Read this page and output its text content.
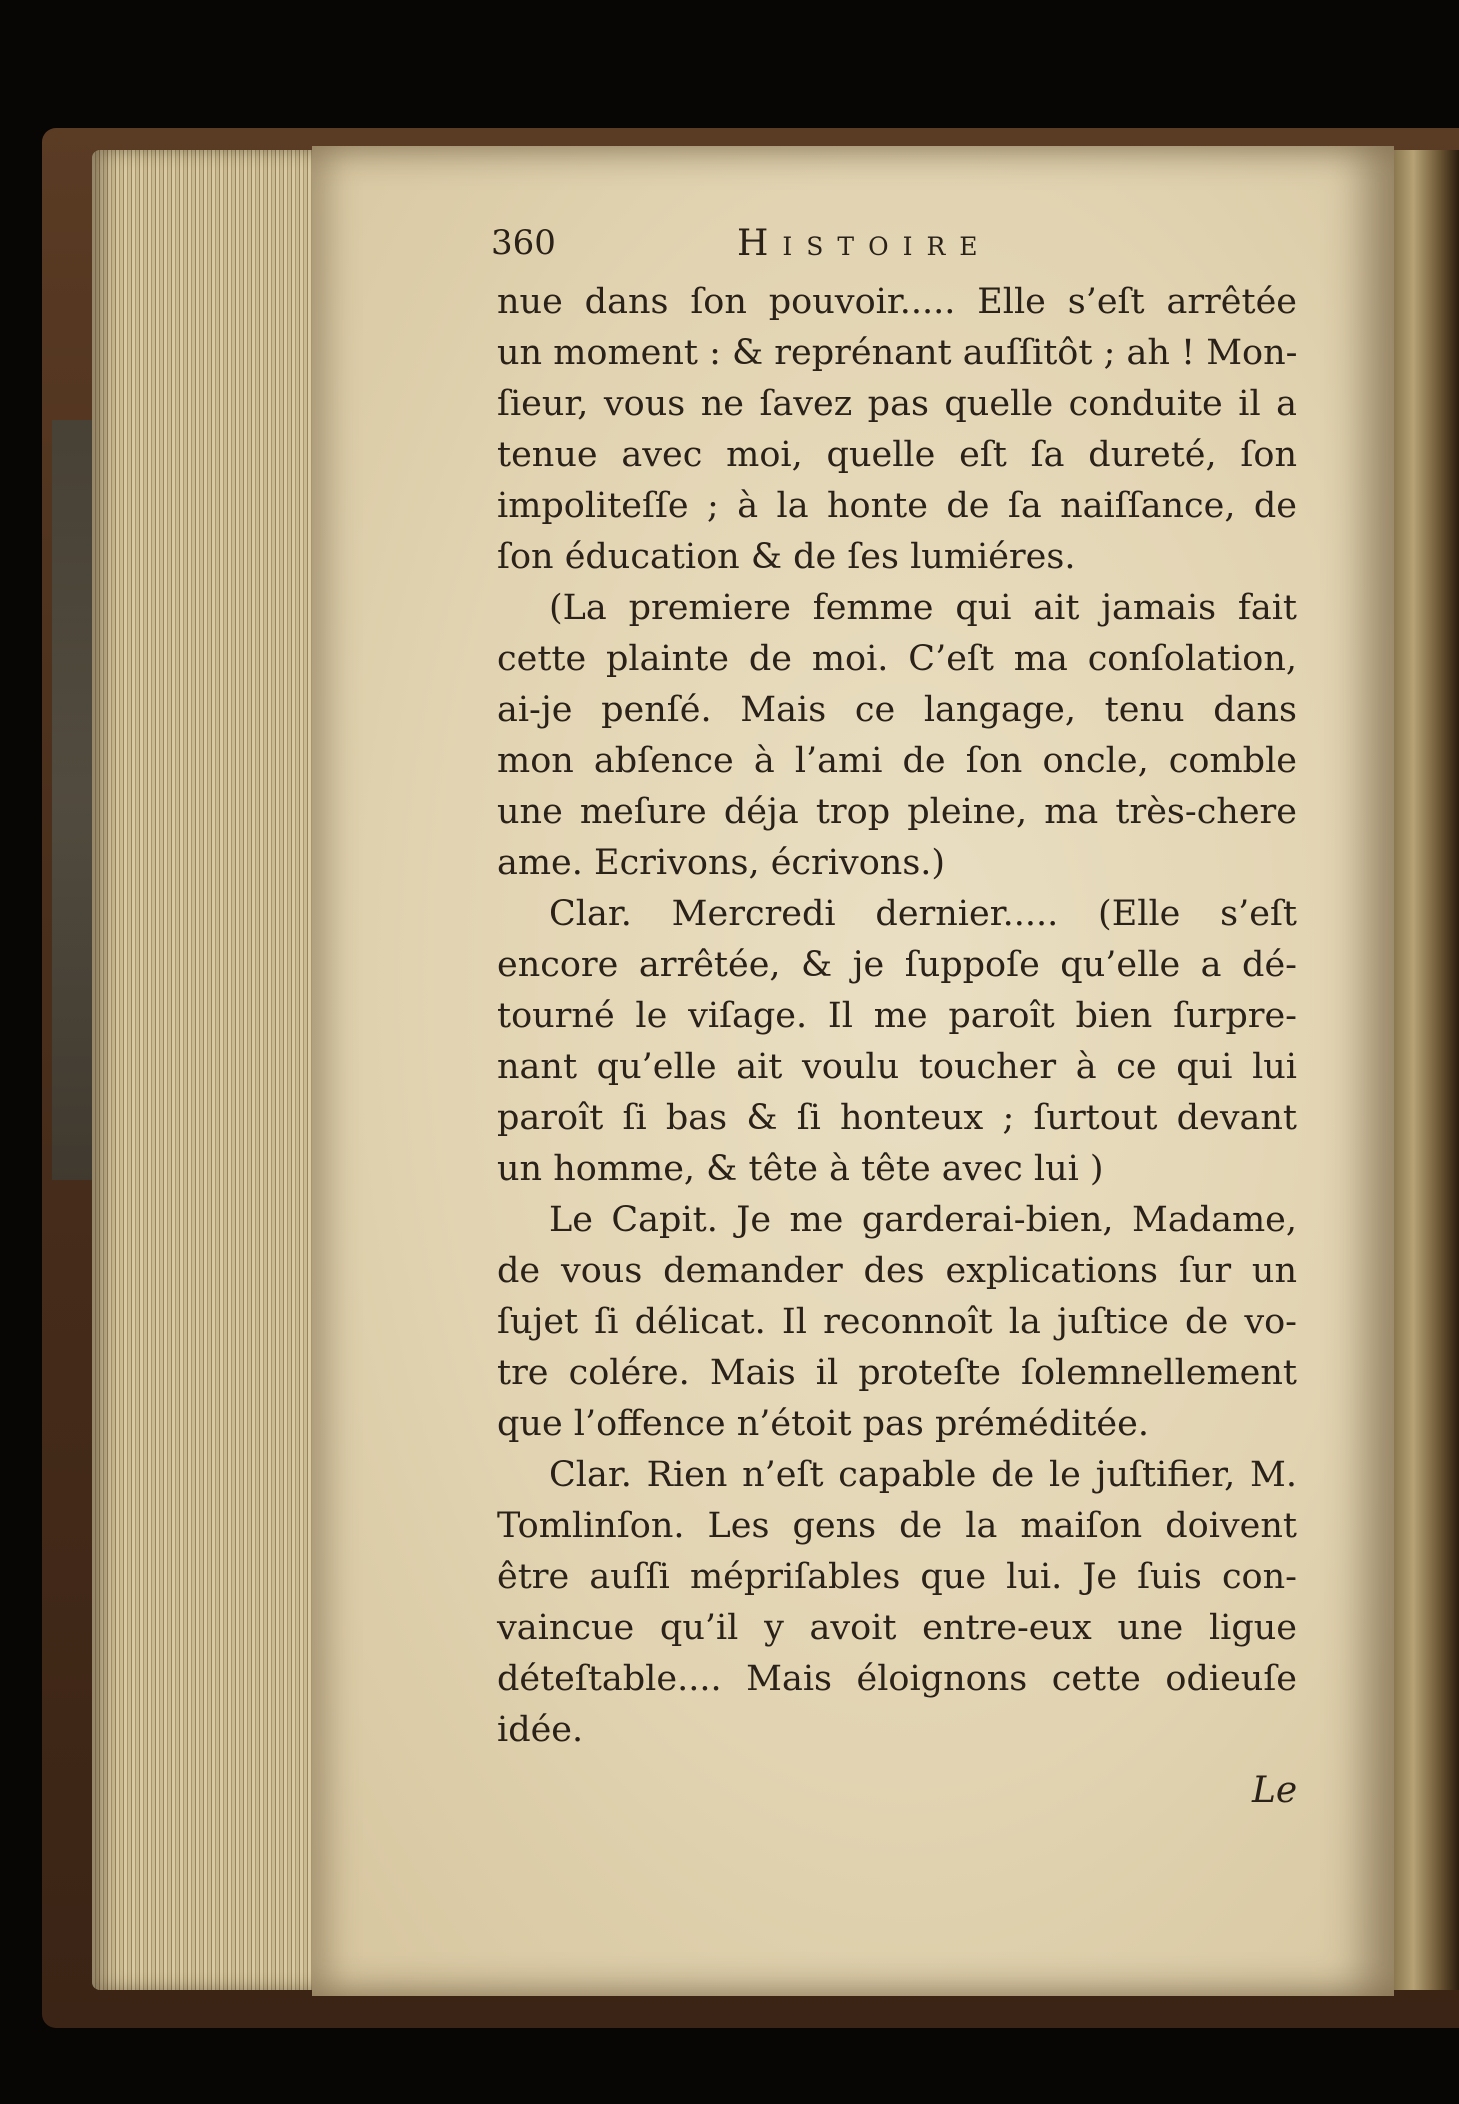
360	Histoire
nue dans ſon pouvoir..... Elle s’eſt arrêtée
un moment : & reprénant auſſitôt ; ah ! Mon-
ſieur, vous ne ſavez pas quelle conduite il a
tenue avec moi, quelle eſt ſa dureté, ſon
impoliteſſe ; à la honte de ſa naiſſance, de
ſon éducation & de ſes lumiéres.
(La premiere femme qui ait jamais fait
cette plainte de moi. C’eſt ma conſolation,
ai-je penſé. Mais ce langage, tenu dans
mon abſence à l’ami de ſon oncle, comble
une meſure déja trop pleine, ma très-chere
ame. Ecrivons, écrivons.)
Clar. Mercredi dernier..... (Elle s’eſt
encore arrêtée, & je ſuppoſe qu’elle a dé-
tourné le viſage. Il me paroît bien ſurpre-
nant qu’elle ait voulu toucher à ce qui lui
paroît ſi bas & ſi honteux ; ſurtout devant
un homme, & tête à tête avec lui )
Le Capit. Je me garderai-bien, Madame,
de vous demander des explications ſur un
ſujet ſi délicat. Il reconnoît la juſtice de vo-
tre colére. Mais il proteſte ſolemnellement
que l’offence n’étoit pas préméditée.
Clar. Rien n’eſt capable de le juſtifier, M.
Tomlinſon. Les gens de la maiſon doivent
être auſſi mépriſables que lui. Je ſuis con-
vaincue qu’il y avoit entre-eux une ligue
déteſtable.... Mais éloignons cette odieuſe
idée.
Le
